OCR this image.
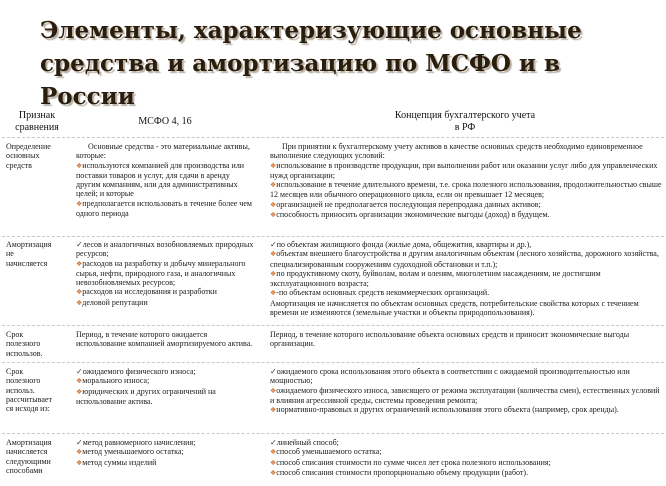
Элементы, характеризующие основные
средства и амортизацию по МСФО и в России
Признак
сравнения
МСФО 4, 16
Концепция бухгалтерского учета
в РФ

Определение

основных

средств

Основные средства - это материальные активы, которые:

❖используются компанией для производства или поставки товаров и услуг, для сдачи в аренду другим компаниям, или для административных целей; и которые

❖предполагается использовать в течение более чем одного периода

При принятии к бухгалтерскому учету активов в качестве основных средств необходимо единовременное выполнение следующих условий:

❖использование в производстве продукции, при выполнении работ или оказании услуг либо для управленческих нужд организации;

❖использование в течение длительного времени, т.е. срока полезного использования, продолжительностью свыше 12 месяцев или обычного операционного цикла, если он превышает 12 месяцев;

❖организацией не предполагается последующая перепродажа данных активов;

❖способность приносить организации экономические выгоды (доход) в будущем.

Амортизация

не

начисляется

✓лесов и аналогичных возобновляемых природных ресурсов;

❖расходов на разработку и добычу минерального сырья, нефти, природного газа, и аналогичных невозобновляемых ресурсов;

❖расходов на исследования и разработки

❖деловой репутации

✓по объектам жилищного фонда (жилые дома, общежития, квартиры и др.),

❖объектам внешнего благоустройства и другим аналогичным объектам (лесного хозяйства, дорожного хозяйства, специализированным сооружениям судоходной обстановки и т.п.);

❖по продуктивному скоту, буйволам, волам и оленям, многолетним насаждениям, не достигшим эксплуатационного возраста;

❖-по объектам основных средств некоммерческих организаций.

Амортизация не начисляется по объектам основных средств, потребительские свойства которых с течением времени не изменяются (земельные участки и объекты природопользования).

Срок

полезного

использов.

Период, в течение которого ожидается использование компанией амортизируемого актива.

Период, в течение которого использование объекта основных средств и приносит экономические выгоды организации.

Срок

полезного

использ.

рассчитывает

ся исходя из:

✓ожидаемого физического износа;

❖морального износа;

❖юридических и других ограничений на использование актива.

✓ожидаемого срока использования этого объекта в соответствии с ожидаемой производительностью или мощностью;

❖ожидаемого физического износа, зависящего от режима эксплуатации (количества смен), естественных условий и влияния агрессивной среды, системы проведения ремонта;

❖нормативно-правовых и других ограничений использования этого объекта (например, срок аренды).

Амортизация

начисляется

следующими

способами

✓метод равномерного начисления;

❖метод уменьшаемого остатка;

❖метод суммы изделий

✓линейный способ;

❖способ уменьшаемого остатка;

❖способ списания стоимости по сумме чисел лет срока полезного использования;

❖способ списания стоимости пропорционально объему продукции (работ).
